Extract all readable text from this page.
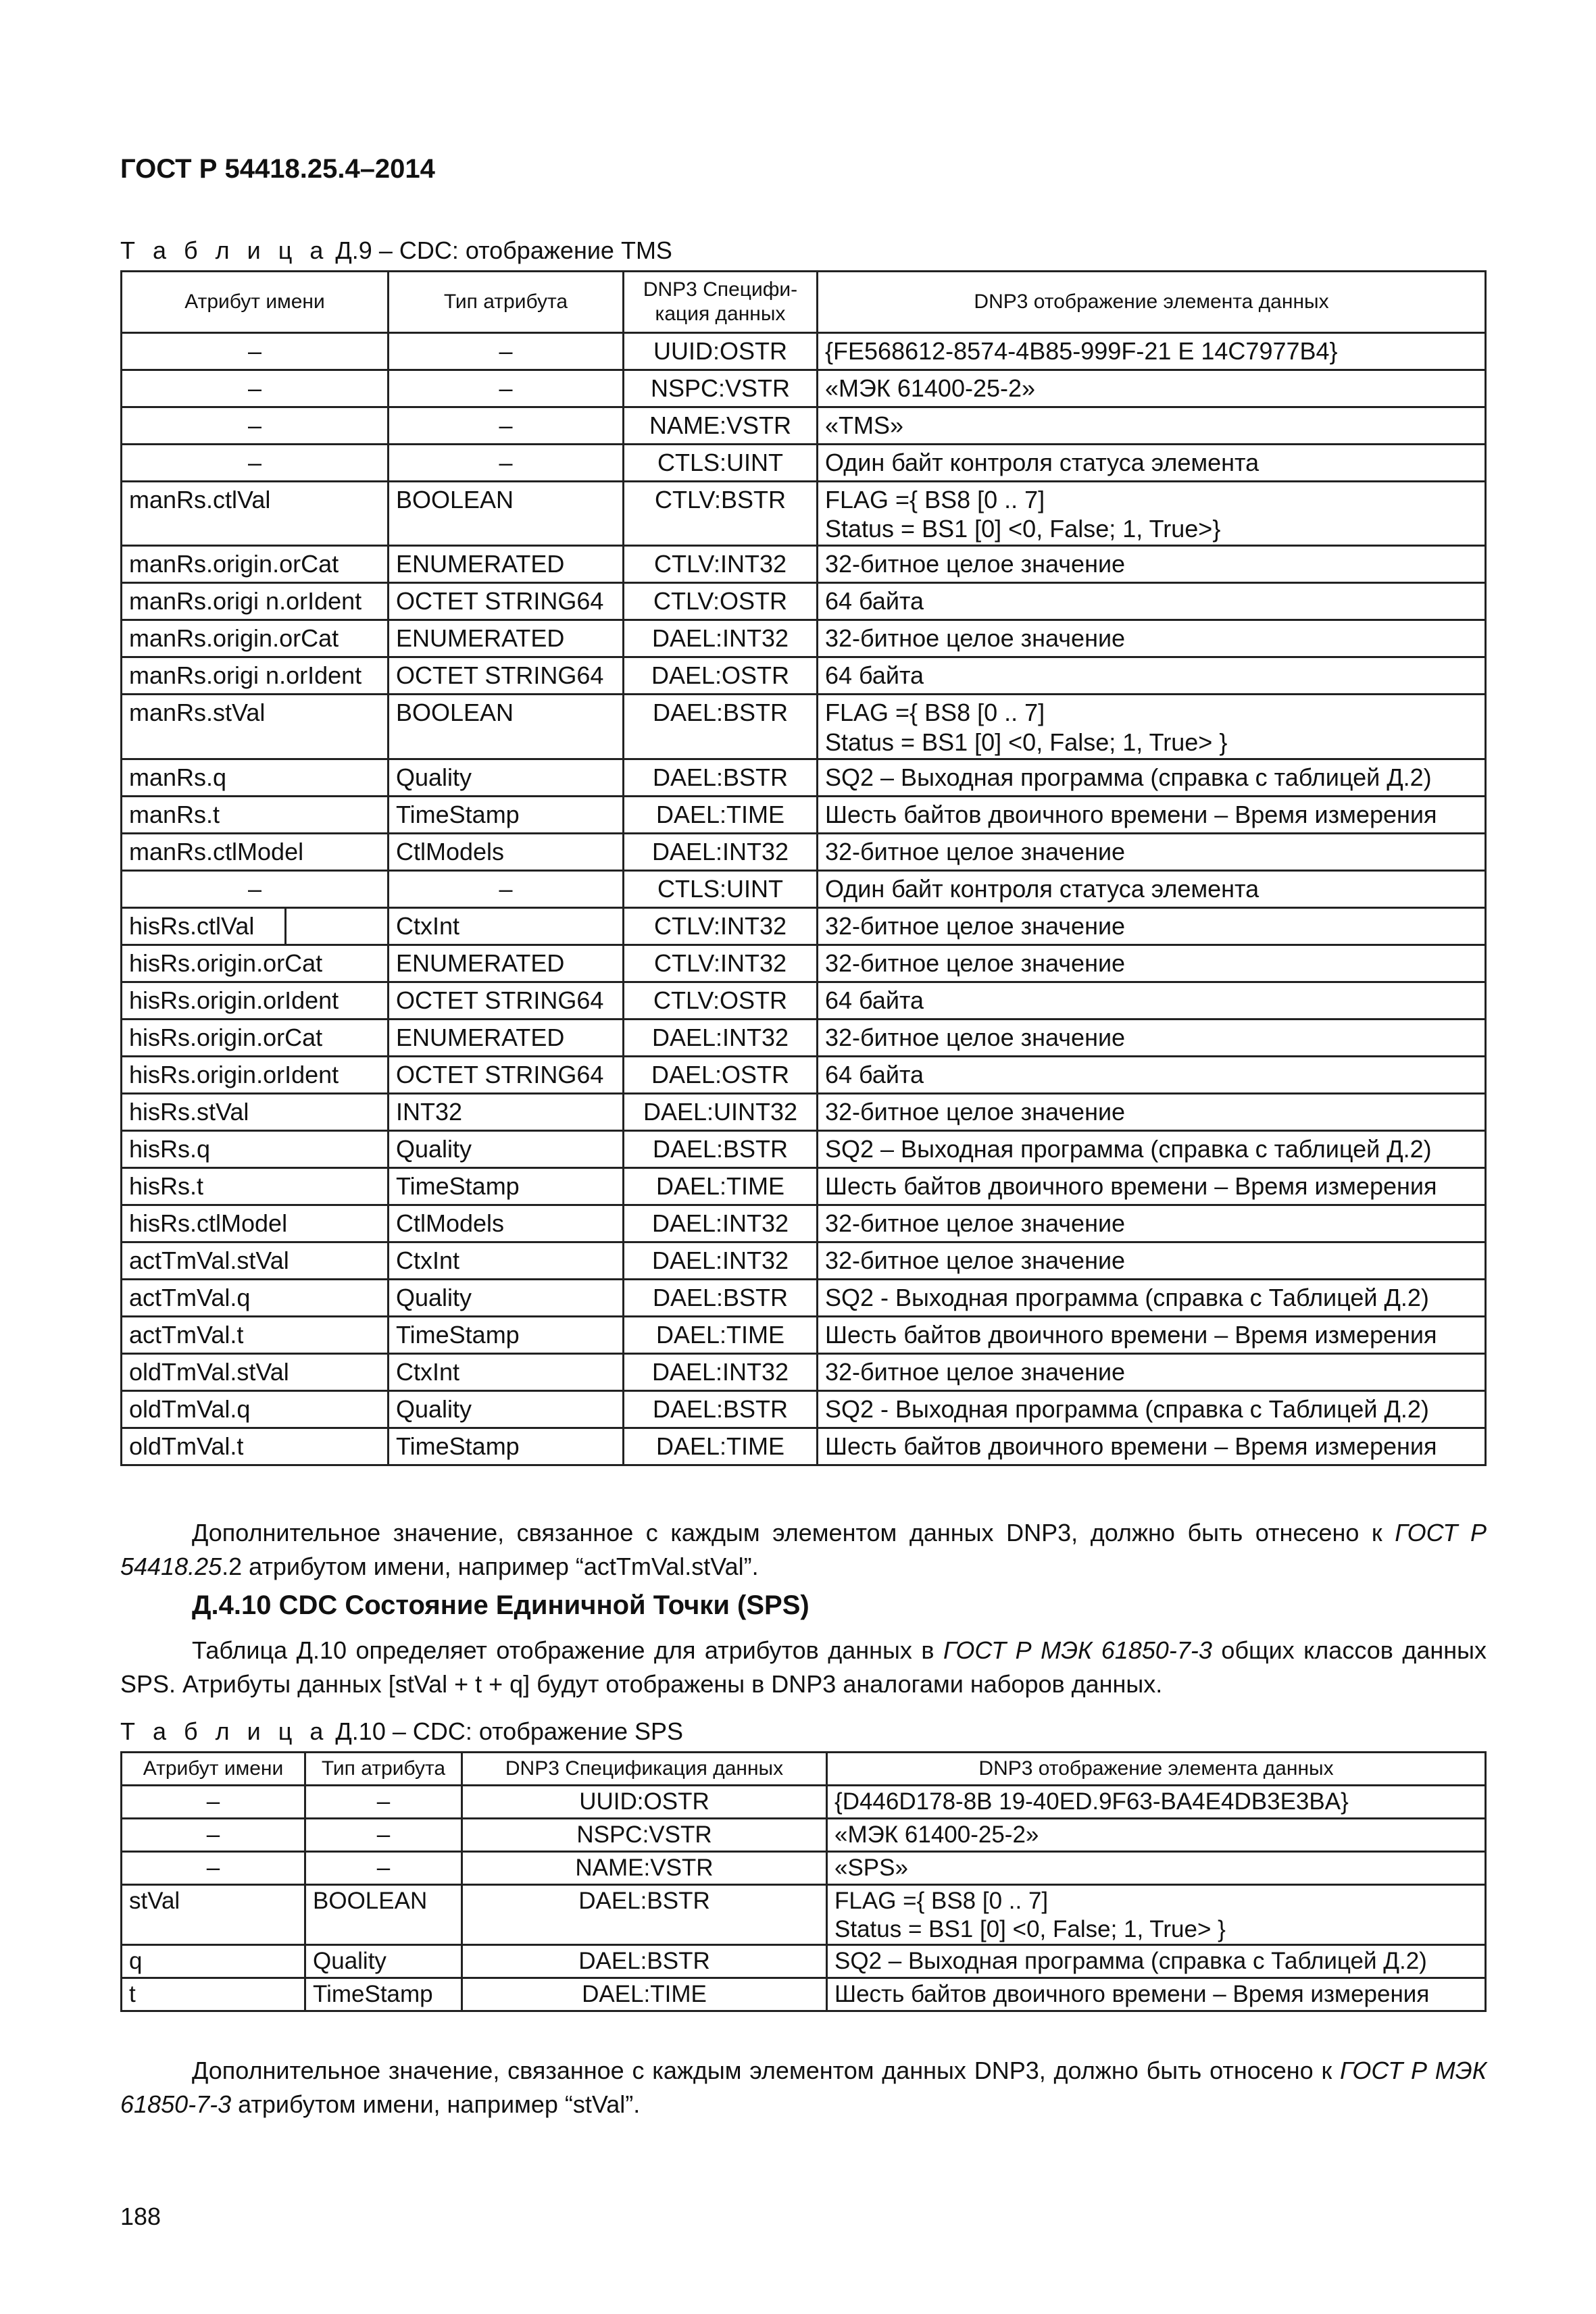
ГОСТ Р 54418.25.4–2014
Т а б л и ц а Д.9 – CDC: отображение TMS
Атрибут имени	Тип атрибута	DNP3 Специфи-кация данных	DNP3 отображение элемента данных
–	–	UUID:OSTR	{FE568612-8574-4B85-999F-21 E 14C7977B4}
–	–	NSPC:VSTR	«МЭК 61400-25-2»
–	–	NAME:VSTR	«TMS»
–	–	CTLS:UINT	Один байт контроля статуса элемента
manRs.ctlVal	BOOLEAN	CTLV:BSTR	FLAG ={ BS8 [0 .. 7]
Status = BS1 [0] <0, False; 1, True>}
manRs.origin.orCat	ENUMERATED	CTLV:INT32	32-битное целое значение
manRs.origi n.orIdent	OCTET STRING64	CTLV:OSTR	64 байта
manRs.origin.orCat	ENUMERATED	DAEL:INT32	32-битное целое значение
manRs.origi n.orIdent	OCTET STRING64	DAEL:OSTR	64 байта
manRs.stVal	BOOLEAN	DAEL:BSTR	FLAG ={ BS8 [0 .. 7]
Status = BS1 [0] <0, False; 1, True> }
manRs.q	Quality	DAEL:BSTR	SQ2 – Выходная программа (справка с таблицей Д.2)
manRs.t	TimeStamp	DAEL:TIME	Шесть байтов двоичного времени – Время измерения
manRs.ctlModel	CtlModels	DAEL:INT32	32-битное целое значение
–	–	CTLS:UINT	Один байт контроля статуса элемента
hisRs.ctlVal	CtxInt	CTLV:INT32	32-битное целое значение
hisRs.origin.orCat	ENUMERATED	CTLV:INT32	32-битное целое значение
hisRs.origin.orIdent	OCTET STRING64	CTLV:OSTR	64 байта
hisRs.origin.orCat	ENUMERATED	DAEL:INT32	32-битное целое значение
hisRs.origin.orIdent	OCTET STRING64	DAEL:OSTR	64 байта
hisRs.stVal	INT32	DAEL:UINT32	32-битное целое значение
hisRs.q	Quality	DAEL:BSTR	SQ2 – Выходная программа (справка с таблицей Д.2)
hisRs.t	TimeStamp	DAEL:TIME	Шесть байтов двоичного времени – Время измерения
hisRs.ctlModel	CtlModels	DAEL:INT32	32-битное целое значение
actTmVal.stVal	CtxInt	DAEL:INT32	32-битное целое значение
actTmVal.q	Quality	DAEL:BSTR	SQ2 - Выходная программа (справка с Таблицей Д.2)
actTmVal.t	TimeStamp	DAEL:TIME	Шесть байтов двоичного времени – Время измерения
oldTmVal.stVal	CtxInt	DAEL:INT32	32-битное целое значение
oldTmVal.q	Quality	DAEL:BSTR	SQ2 - Выходная программа (справка с Таблицей Д.2)
oldTmVal.t	TimeStamp	DAEL:TIME	Шесть байтов двоичного времени – Время измерения
Дополнительное значение, связанное с каждым элементом данных DNP3, должно быть отнесено к ГОСТ Р 54418.25.2 атрибутом имени, например “actTmVal.stVal”.
Д.4.10 CDC Состояние Единичной Точки (SPS)
Таблица Д.10 определяет отображение для атрибутов данных в ГОСТ Р МЭК 61850-7-3 общих классов данных SPS. Атрибуты данных [stVal + t + q] будут отображены в DNP3 аналогами наборов данных.
Т а б л и ц а Д.10 – CDC: отображение SPS
Атрибут имени	Тип атрибута	DNP3 Спецификация данных	DNP3 отображение элемента данных
–	–	UUID:OSTR	{D446D178-8B 19-40ED.9F63-BA4E4DB3E3BA}
–	–	NSPC:VSTR	«МЭК 61400-25-2»
–	–	NAME:VSTR	«SPS»
stVal	BOOLEAN	DAEL:BSTR	FLAG ={ BS8 [0 .. 7]
Status = BS1 [0] <0, False; 1, True> }
q	Quality	DAEL:BSTR	SQ2 – Выходная программа (справка с Таблицей Д.2)
t	TimeStamp	DAEL:TIME	Шесть байтов двоичного времени – Время измерения
Дополнительное значение, связанное с каждым элементом данных DNP3, должно быть относено к ГОСТ Р МЭК 61850-7-3 атрибутом имени, например “stVal”.
188
